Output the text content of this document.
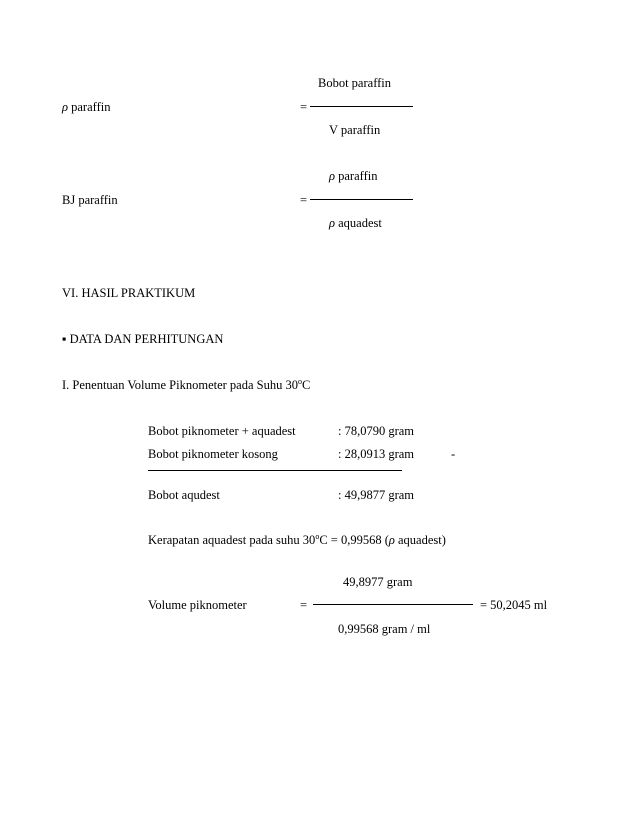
Bobot paraffin
ρ paraffin	=
V paraffin
ρ paraffin
BJ paraffin	=
ρ aquadest
VI. HASIL PRAKTIKUM
▪ DATA DAN PERHITUNGAN
I. Penentuan Volume Piknometer pada Suhu 30$^o$C
Bobot piknometer + aquadest	: 78,0790 gram
Bobot piknometer kosong	: 28,0913 gram	-
Bobot aqudest	: 49,9877 gram
Kerapatan aquadest pada suhu $30^oC = 0,99568$ (ρ aquadest)
49,8977 gram
Volume piknometer	=	= 50,2045 ml
0,99568 gram / ml
